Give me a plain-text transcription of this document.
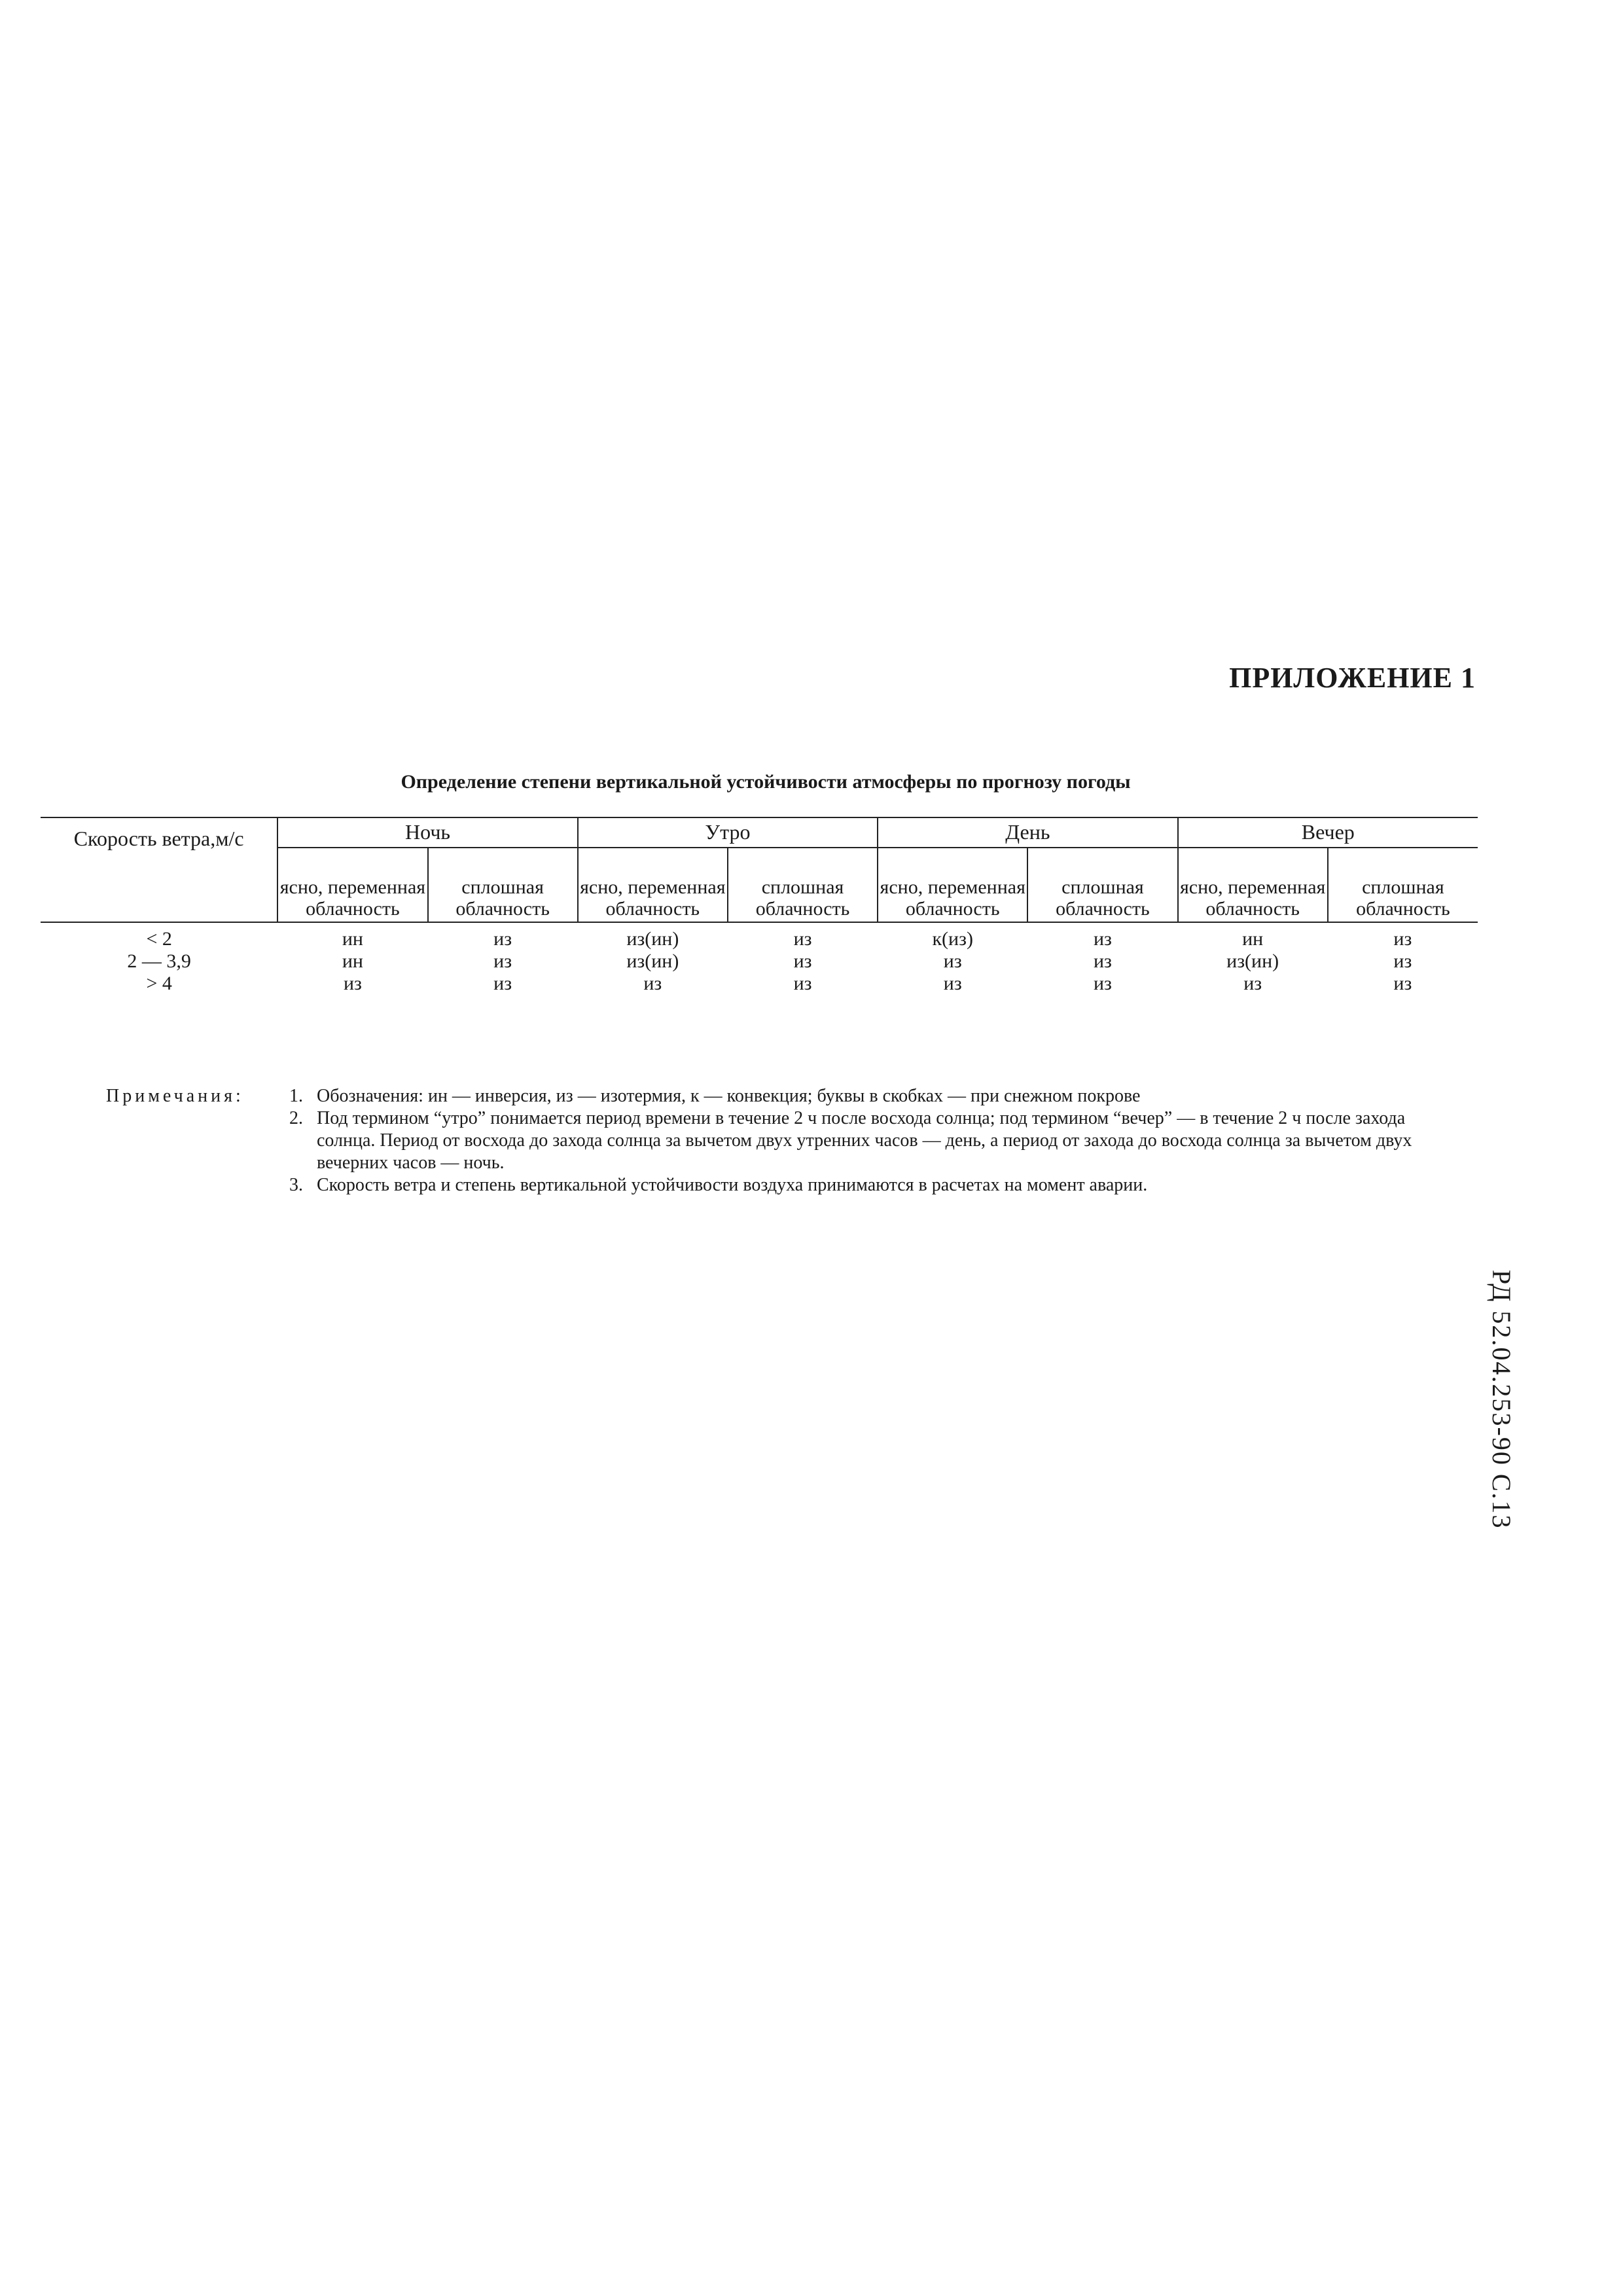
ПРИЛОЖЕНИЕ 1
Определение степени вертикальной устойчивости атмосферы по прогнозу погоды
Скорость ветра,м/с	Ночь		Утро		День		Вечер	
	ясно, переменная облачность	сплошная облачность	ясно, переменная облачность	сплошная облачность	ясно, переменная облачность	сплошная облачность	ясно, переменная облачность	сплошная облачность
< 2	ин	из	из(ин)	из	к(из)	из	ин	из
2 — 3,9	ин	из	из(ин)	из	из	из	из(ин)	из
> 4	из	из	из	из	из	из	из	из
Примечания: 1. Обозначения: ин — инверсия, из — изотермия, к — конвекция; буквы в скобках — при снежном покрове
2. Под термином “утро” понимается период времени в течение 2 ч после восхода солнца; под термином “вечер” — в течение 2 ч после захода солнца. Период от восхода до захода солнца за вычетом двух утренних часов — день, а период от захода до восхода солнца за вычетом двух вечерних часов — ночь.
3. Скорость ветра и степень вертикальной устойчивости воздуха принимаются в расчетах на момент аварии.
РД 52.04.253-90 С.13
